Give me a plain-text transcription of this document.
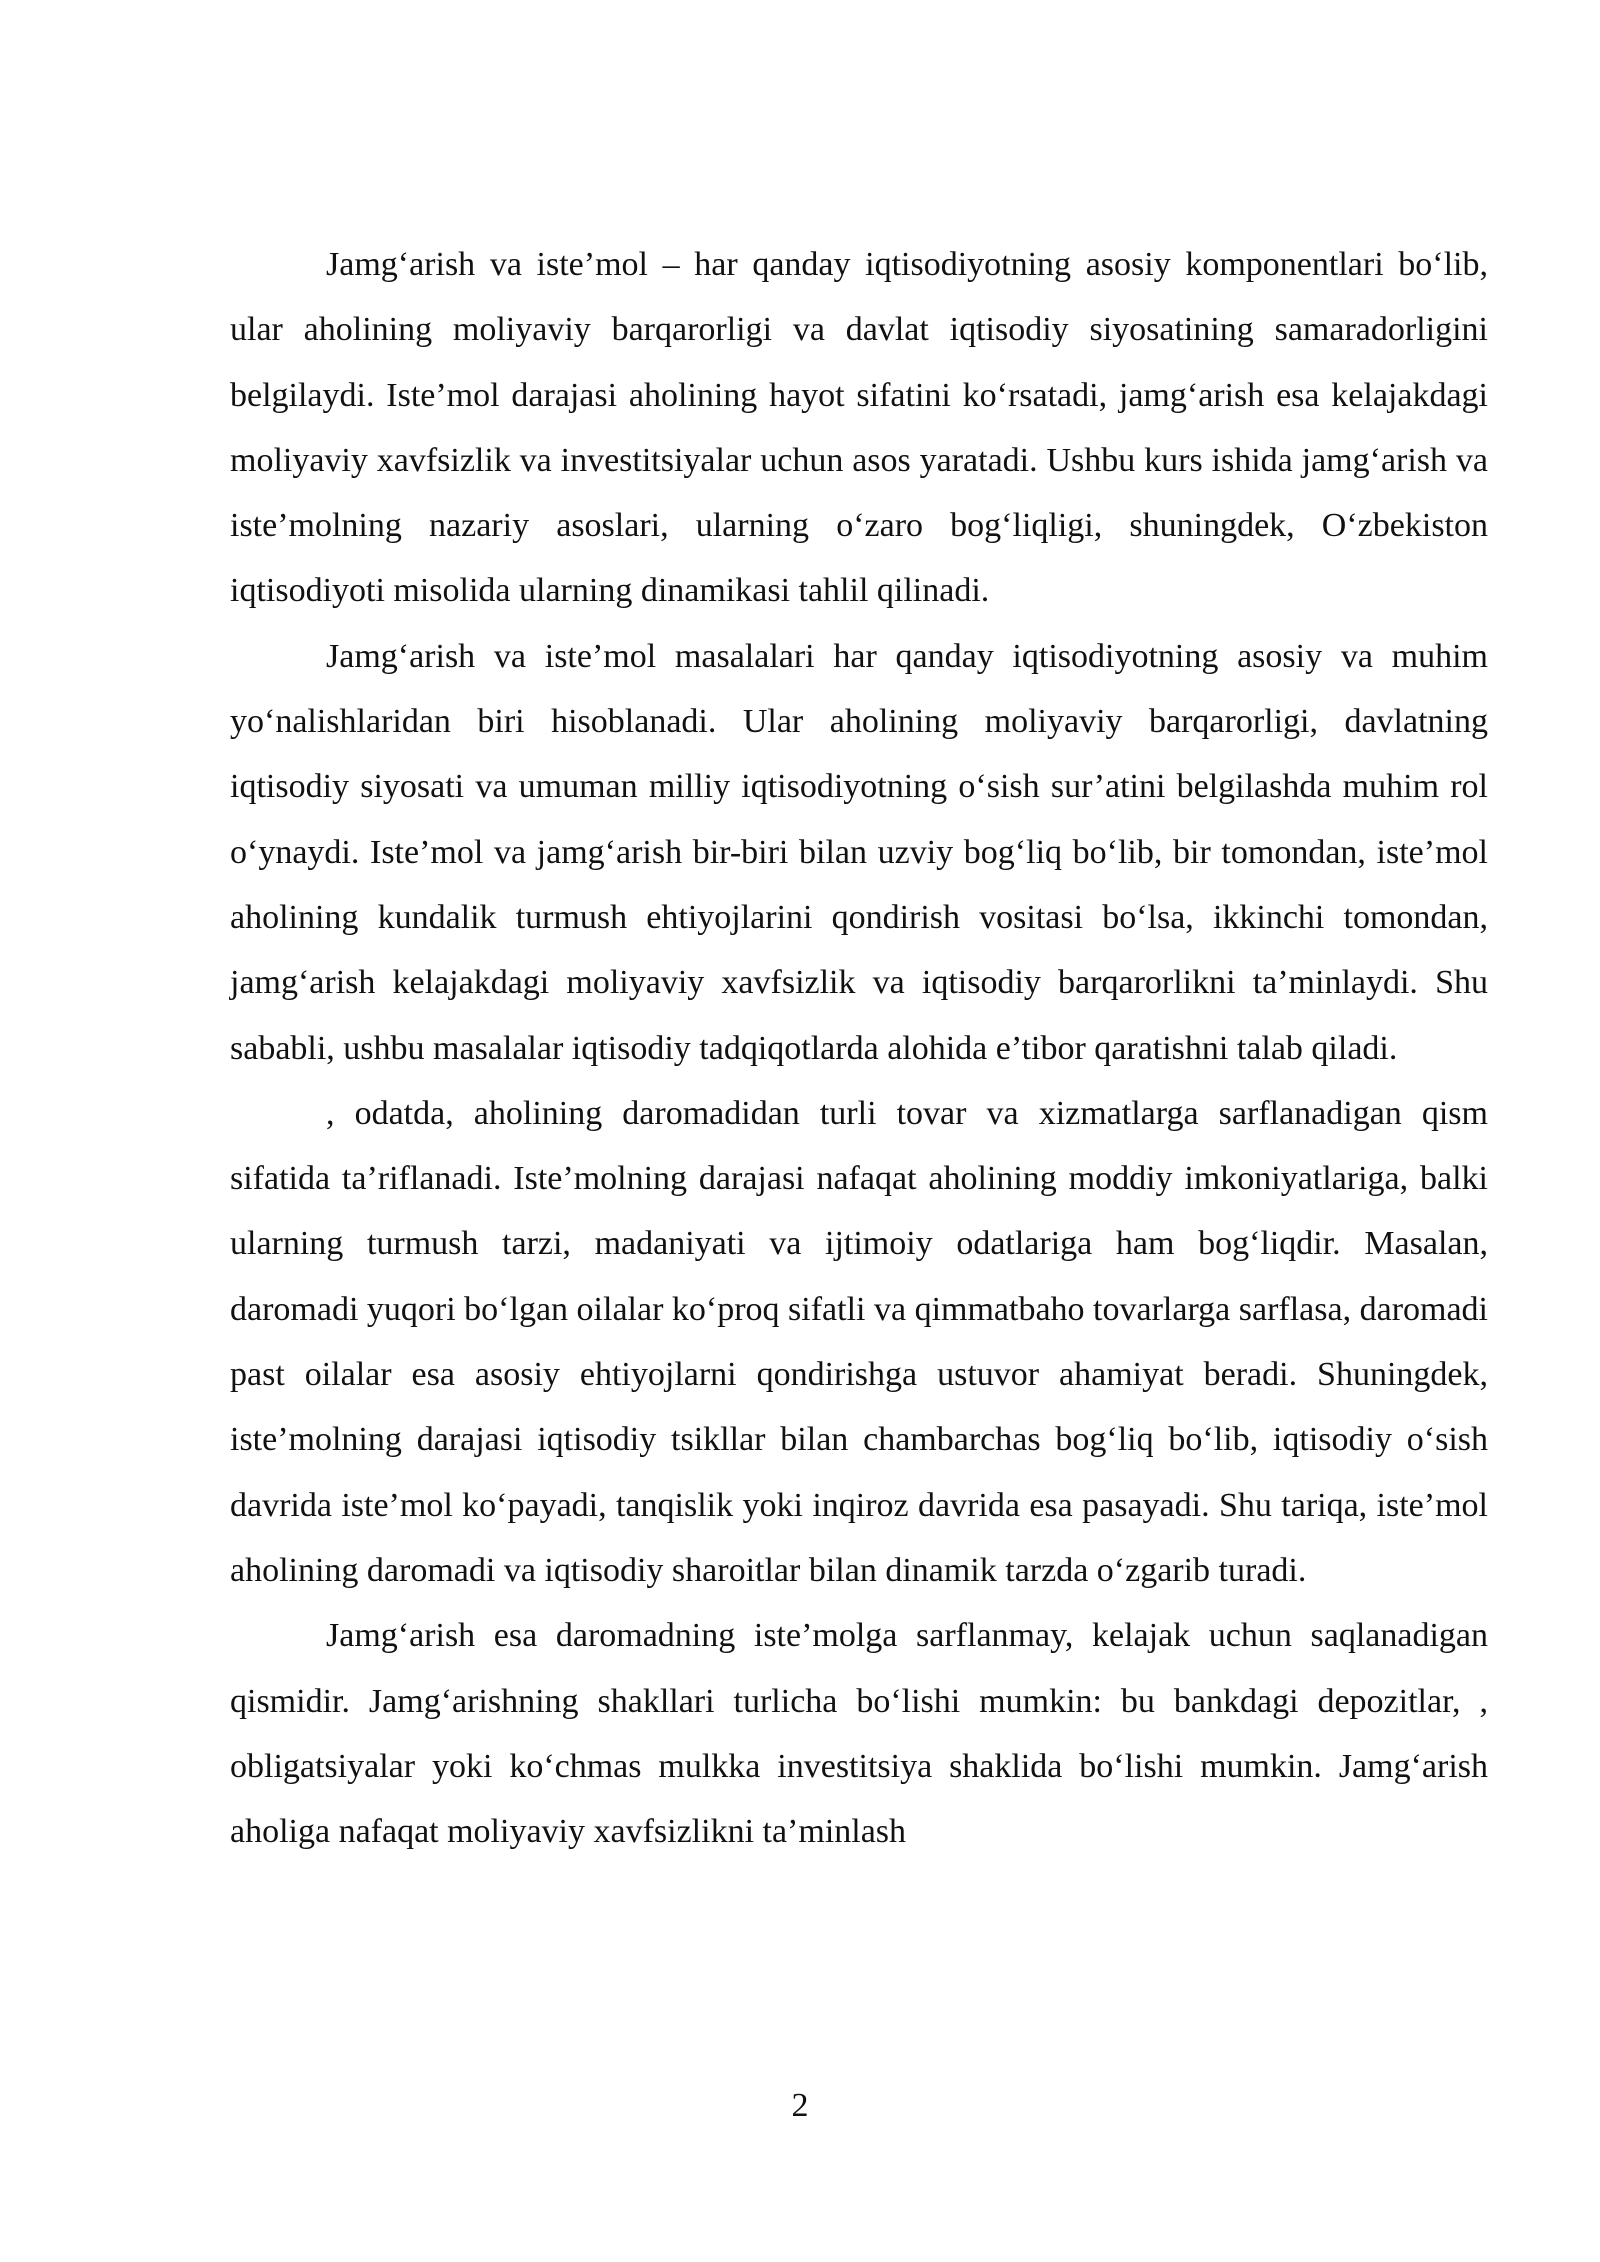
Jamg‘arish va iste’mol – har qanday iqtisodiyotning asosiy komponentlari bo‘lib, ular aholining moliyaviy barqarorligi va davlat iqtisodiy siyosatining samaradorligini belgilaydi. Iste’mol darajasi aholining hayot sifatini ko‘rsatadi, jamg‘arish esa kelajakdagi moliyaviy xavfsizlik va investitsiyalar uchun asos yaratadi. Ushbu kurs ishida jamg‘arish va iste’molning nazariy asoslari, ularning o‘zaro bog‘liqligi, shuningdek, O‘zbekiston iqtisodiyoti misolida ularning dinamikasi tahlil qilinadi.

Jamg‘arish va iste’mol masalalari har qanday iqtisodiyotning asosiy va muhim yo‘nalishlaridan biri hisoblanadi. Ular aholining moliyaviy barqarorligi, davlatning iqtisodiy siyosati va umuman milliy iqtisodiyotning o‘sish sur’atini belgilashda muhim rol o‘ynaydi. Iste’mol va jamg‘arish bir-biri bilan uzviy bog‘liq bo‘lib, bir tomondan, iste’mol aholining kundalik turmush ehtiyojlarini qondirish vositasi bo‘lsa, ikkinchi tomondan, jamg‘arish kelajakdagi moliyaviy xavfsizlik va iqtisodiy barqarorlikni ta’minlaydi. Shu sababli, ushbu masalalar iqtisodiy tadqiqotlarda alohida e’tibor qaratishni talab qiladi.

, odatda, aholining daromadidan turli tovar va xizmatlarga sarflanadigan qism sifatida ta’riflanadi. Iste’molning darajasi nafaqat aholining moddiy imkoniyatlariga, balki ularning turmush tarzi, madaniyati va ijtimoiy odatlariga ham bog‘liqdir. Masalan, daromadi yuqori bo‘lgan oilalar ko‘proq sifatli va qimmatbaho tovarlarga sarflasa, daromadi past oilalar esa asosiy ehtiyojlarni qondirishga ustuvor ahamiyat beradi. Shuningdek, iste’molning darajasi iqtisodiy tsikllar bilan chambarchas bog‘liq bo‘lib, iqtisodiy o‘sish davrida iste’mol ko‘payadi, tanqislik yoki inqiroz davrida esa pasayadi. Shu tariqa, iste’mol aholining daromadi va iqtisodiy sharoitlar bilan dinamik tarzda o‘zgarib turadi.

Jamg‘arish esa daromadning iste’molga sarflanmay, kelajak uchun saqlanadigan qismidir. Jamg‘arishning shakllari turlicha bo‘lishi mumkin: bu bankdagi depozitlar, , obligatsiyalar yoki ko‘chmas mulkka investitsiya shaklida bo‘lishi mumkin. Jamg‘arish aholiga nafaqat moliyaviy xavfsizlikni ta’minlash

2
